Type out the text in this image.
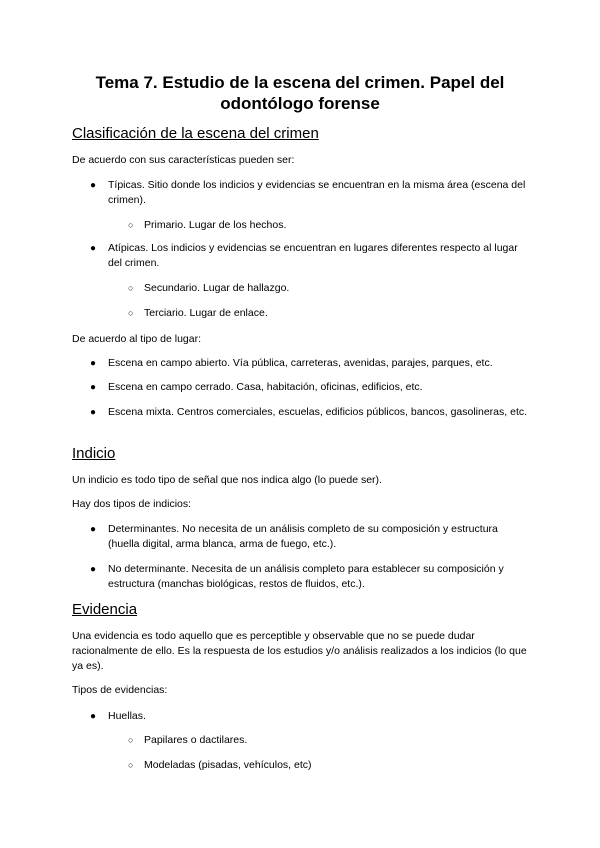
Tema 7. Estudio de la escena del crimen. Papel del odontólogo forense
Clasificación de la escena del crimen
De acuerdo con sus características pueden ser:
● Típicas. Sitio donde los indicios y evidencias se encuentran en la misma área (escena del crimen).
○ Primario. Lugar de los hechos.
● Atípicas. Los indicios y evidencias se encuentran en lugares diferentes respecto al lugar del crimen.
○ Secundario. Lugar de hallazgo.
○ Terciario. Lugar de enlace.
De acuerdo al tipo de lugar:
● Escena en campo abierto. Vía pública, carreteras, avenidas, parajes, parques, etc.
● Escena en campo cerrado. Casa, habitación, oficinas, edificios, etc.
● Escena mixta. Centros comerciales, escuelas, edificios públicos, bancos, gasolineras, etc.
Indicio
Un indicio es todo tipo de señal que nos indica algo (lo puede ser).
Hay dos tipos de indicios:
● Determinantes. No necesita de un análisis completo de su composición y estructura (huella digital, arma blanca, arma de fuego, etc.).
● No determinante. Necesita de un análisis completo para establecer su composición y estructura (manchas biológicas, restos de fluidos, etc.).
Evidencia
Una evidencia es todo aquello que es perceptible y observable que no se puede dudar racionalmente de ello. Es la respuesta de los estudios y/o análisis realizados a los indicios (lo que ya es).
Tipos de evidencias:
● Huellas.
○ Papilares o dactilares.
○ Modeladas (pisadas, vehículos, etc)
